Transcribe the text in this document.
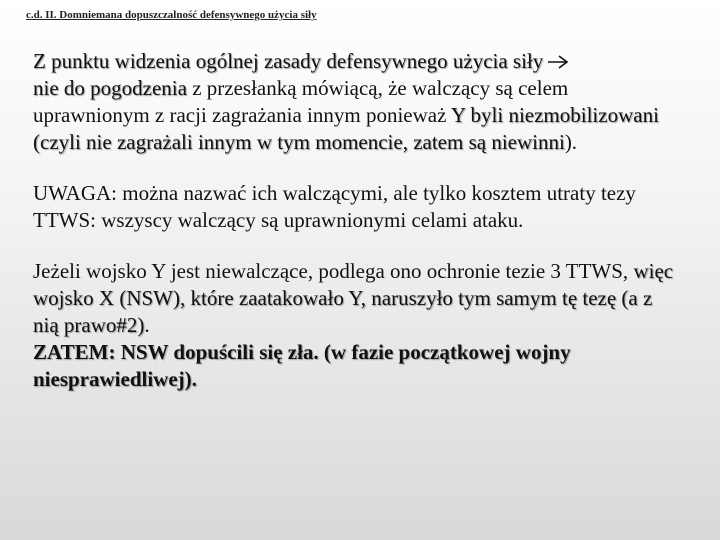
c.d. II. Domniemana dopuszczalność defensywnego użycia siły

Z punktu widzenia ogólnej zasady defensywnego użycia siły
nie do pogodzenia z przesłanką mówiącą, że walczący są celem uprawnionym z racji zagrażania innym ponieważ Y byli niezmobilizowani (czyli nie zagrażali innym w tym momencie, zatem są niewinni).

UWAGA: można nazwać ich walczącymi, ale tylko kosztem utraty tezy TTWS: wszyscy walczący są uprawnionymi celami ataku.

Jeżeli wojsko Y jest niewalczące, podlega ono ochronie tezie 3 TTWS, więc wojsko X (NSW), które zaatakowało Y, naruszyło tym samym tę tezę (a z nią prawo#2).
ZATEM: NSW dopuścili się zła. (w fazie początkowej wojny niesprawiedliwej).
